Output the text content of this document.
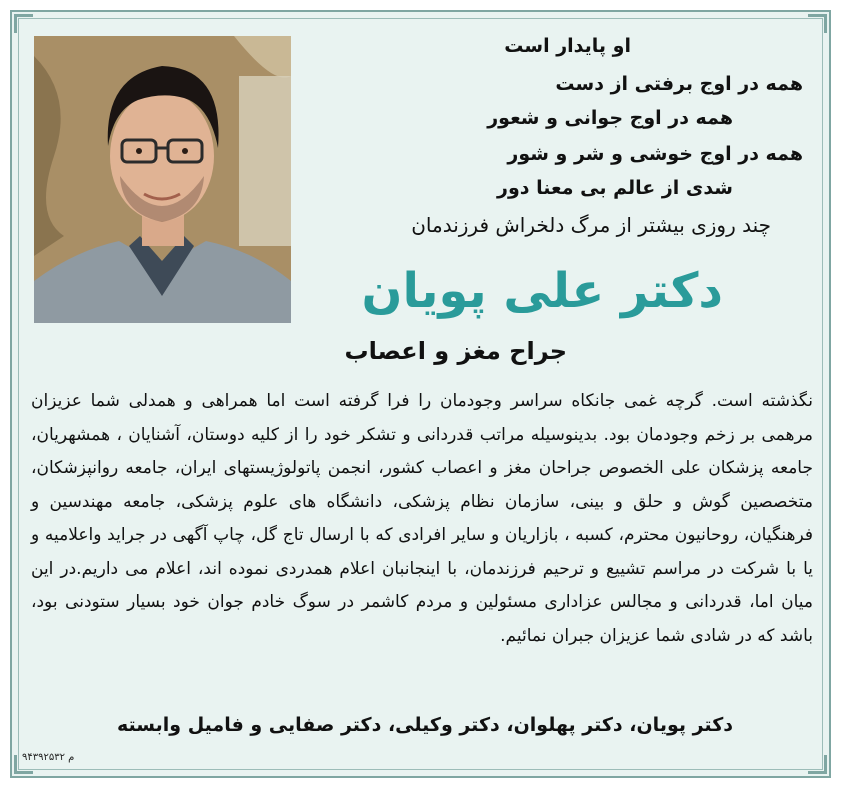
او پایدار است
همه در اوج برفتی از دست
همه در اوج جوانی و شعور
همه در اوج خوشی و شر و شور
شدی از عالم بی معنا دور
چند روزی بیشتر از مرگ دلخراش فرزندمان
دکتر علی پویان
جراح مغز و اعصاب
نگذشته است. گرچه غمی جانکاه سراسر وجودمان را فرا گرفته است اما همراهی و همدلی شما عزیزان مرهمی بر زخم وجودمان بود. بدینوسیله مراتب قدردانی و تشکر خود را از کلیه دوستان، آشنایان ، همشهریان، جامعه پزشکان علی الخصوص جراحان مغز و اعصاب کشور، انجمن پاتولوژیستهای ایران، جامعه روانپزشکان، متخصصین گوش و حلق و بینی، سازمان نظام پزشکی، دانشگاه های علوم پزشکی، جامعه مهندسین و فرهنگیان، روحانیون محترم، کسبه ، بازاریان و سایر افرادی که با ارسال تاج گل، چاپ آگهی در جراید واعلامیه و یا با شرکت در مراسم تشییع و ترحیم فرزندمان، با اینجانبان اعلام همدردی نموده اند، اعلام می داریم.در این میان اما، قدردانی و مجالس عزاداری مسئولین و مردم کاشمر در سوگ خادم جوان خود بسیار ستودنی بود، باشد که در شادی شما عزیزان جبران نمائیم.
دکتر پویان، دکتر پهلوان، دکتر وکیلی، دکتر صفایی و فامیل وابسته
م ۹۴۳۹۲۵۳۲
